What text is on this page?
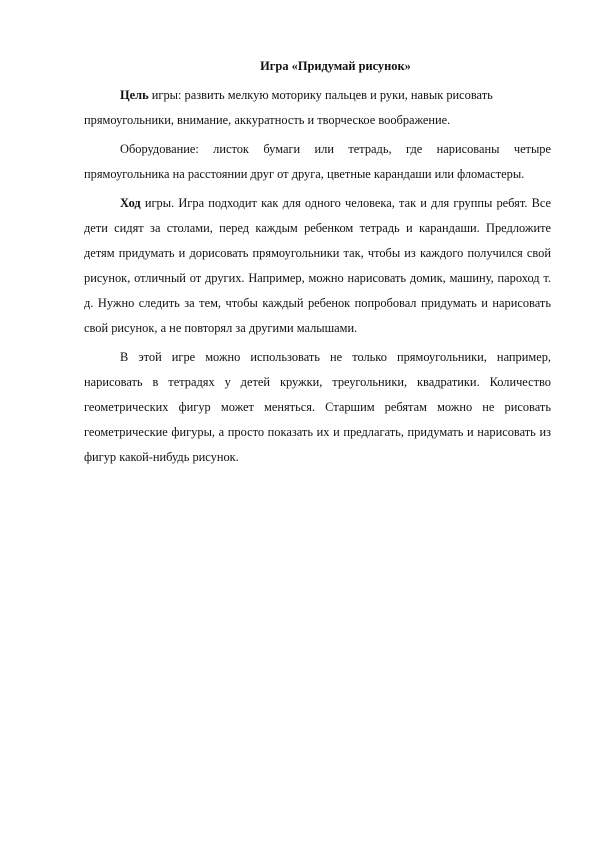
Игра «Придумай рисунок»

Цель игры: развить мелкую моторику пальцев и руки, навык рисовать прямоугольники, внимание, аккуратность и творческое воображение.

Оборудование: листок бумаги или тетрадь, где нарисованы четыре прямоугольника на расстоянии друг от друга, цветные карандаши или фломастеры.

Ход игры. Игра подходит как для одного человека, так и для группы ребят. Все дети сидят за столами, перед каждым ребенком тетрадь и карандаши. Предложите детям придумать и дорисовать прямоугольники так, чтобы из каждого получился свой рисунок, отличный от других. Например, можно нарисовать домик, машину, пароход т. д. Нужно следить за тем, чтобы каждый ребенок попробовал придумать и нарисовать свой рисунок, а не повторял за другими малышами.

В этой игре можно использовать не только прямоугольники, например, нарисовать в тетрадях у детей кружки, треугольники, квадратики. Количество геометрических фигур может меняться. Старшим ребятам можно не рисовать геометрические фигуры, а просто показать их и предлагать, придумать и нарисовать из фигур какой-нибудь рисунок.
